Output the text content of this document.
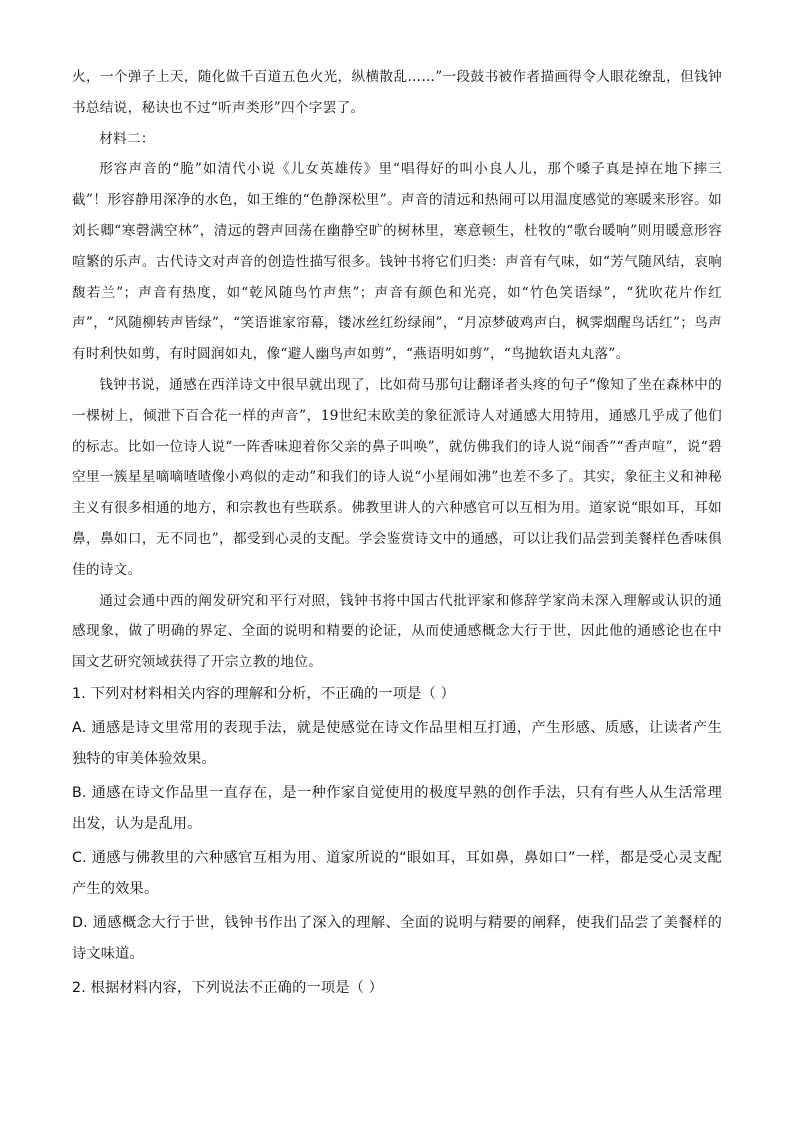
火，一个弹子上天，随化做千百道五色火光，纵横散乱……”一段鼓书被作者描画得令人眼花缭乱，但钱钟书总结说，秘诀也不过“听声类形”四个字罢了。

材料二：

形容声音的“脆”如清代小说《儿女英雄传》里“唱得好的叫小良人儿，那个嗓子真是掉在地下摔三截”！形容静用深净的水色，如王维的“色静深松里”。声音的清远和热闹可以用温度感觉的寒暖来形容。如刘长卿“寒磬满空林”，清远的磬声回荡在幽静空旷的树林里，寒意顿生，杜牧的“歌台暖响”则用暖意形容喧繁的乐声。古代诗文对声音的创造性描写很多。钱钟书将它们归类：声音有气味，如“芳气随风结，哀响馥若兰”；声音有热度，如“乾风随鸟竹声焦”；声音有颜色和光亮，如“竹色笑语绿”，“犹吹花片作红声”，“风随柳转声皆绿”，“笑语谁家帘幕，镂冰丝红纷绿闹”，“月凉梦破鸡声白，枫霁烟醒鸟话红”；鸟声有时利快如剪，有时圆润如丸，像“避人幽鸟声如剪”，“燕语明如剪”，“鸟抛软语丸丸落”。

钱钟书说，通感在西洋诗文中很早就出现了，比如荷马那句让翻译者头疼的句子“像知了坐在森林中的一棵树上，倾泄下百合花一样的声音”，19世纪末欧美的象征派诗人对通感大用特用，通感几乎成了他们的标志。比如一位诗人说“一阵香味迎着你父亲的鼻子叫唤”，就仿佛我们的诗人说“闹香”“香声喧”，说“碧空里一簇星星嘀嘀喳喳像小鸡似的走动”和我们的诗人说“小星闹如沸”也差不多了。其实，象征主义和神秘主义有很多相通的地方，和宗教也有些联系。佛教里讲人的六种感官可以互相为用。道家说“眼如耳，耳如鼻，鼻如口，无不同也”，都受到心灵的支配。学会鉴赏诗文中的通感，可以让我们品尝到美餐样色香味俱佳的诗文。

通过会通中西的阐发研究和平行对照，钱钟书将中国古代批评家和修辞学家尚未深入理解或认识的通感现象，做了明确的界定、全面的说明和精要的论证，从而使通感概念大行于世，因此他的通感论也在中国文艺研究领域获得了开宗立教的地位。

1. 下列对材料相关内容的理解和分析，不正确的一项是（ ）

A. 通感是诗文里常用的表现手法，就是使感觉在诗文作品里相互打通，产生形感、质感，让读者产生独特的审美体验效果。

B. 通感在诗文作品里一直存在，是一种作家自觉使用的极度早熟的创作手法，只有有些人从生活常理出发，认为是乱用。

C. 通感与佛教里的六种感官互相为用、道家所说的“眼如耳，耳如鼻，鼻如口”一样，都是受心灵支配产生的效果。

D. 通感概念大行于世，钱钟书作出了深入的理解、全面的说明与精要的阐释，使我们品尝了美餐样的诗文味道。

2. 根据材料内容，下列说法不正确的一项是（ ）
